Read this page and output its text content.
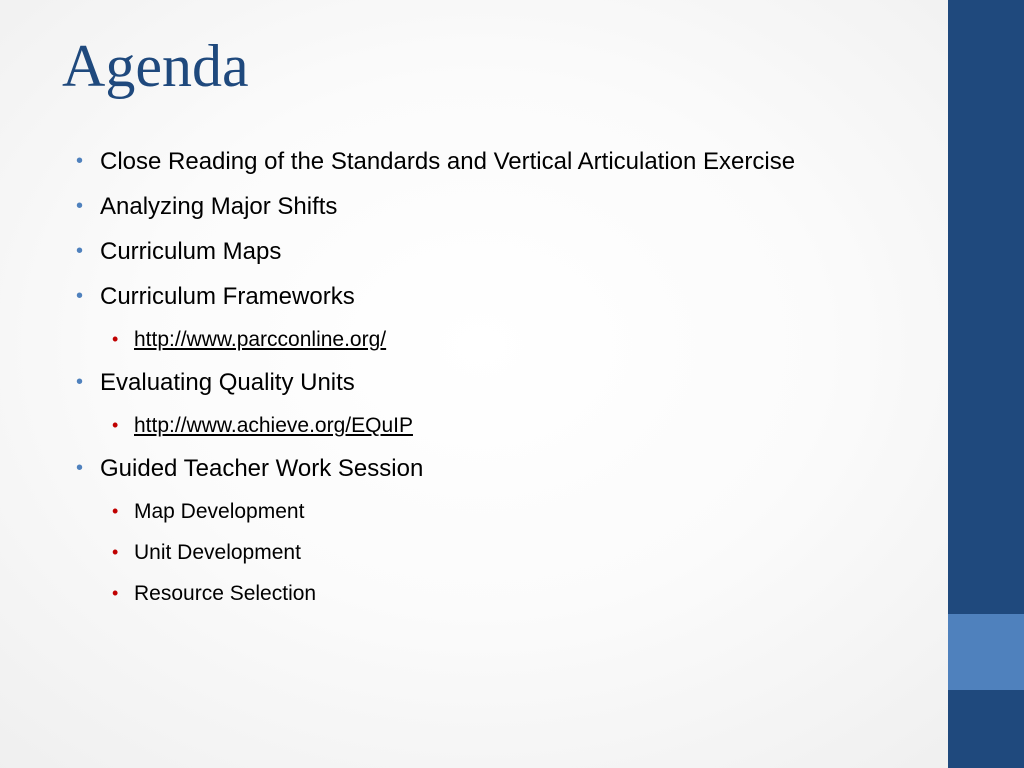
Agenda
• Close Reading of the Standards and Vertical Articulation Exercise
• Analyzing Major Shifts
• Curriculum Maps
• Curriculum Frameworks
• http://www.parcconline.org/
• Evaluating Quality Units
• http://www.achieve.org/EQuIP
• Guided Teacher Work Session
• Map Development
• Unit Development
• Resource Selection
